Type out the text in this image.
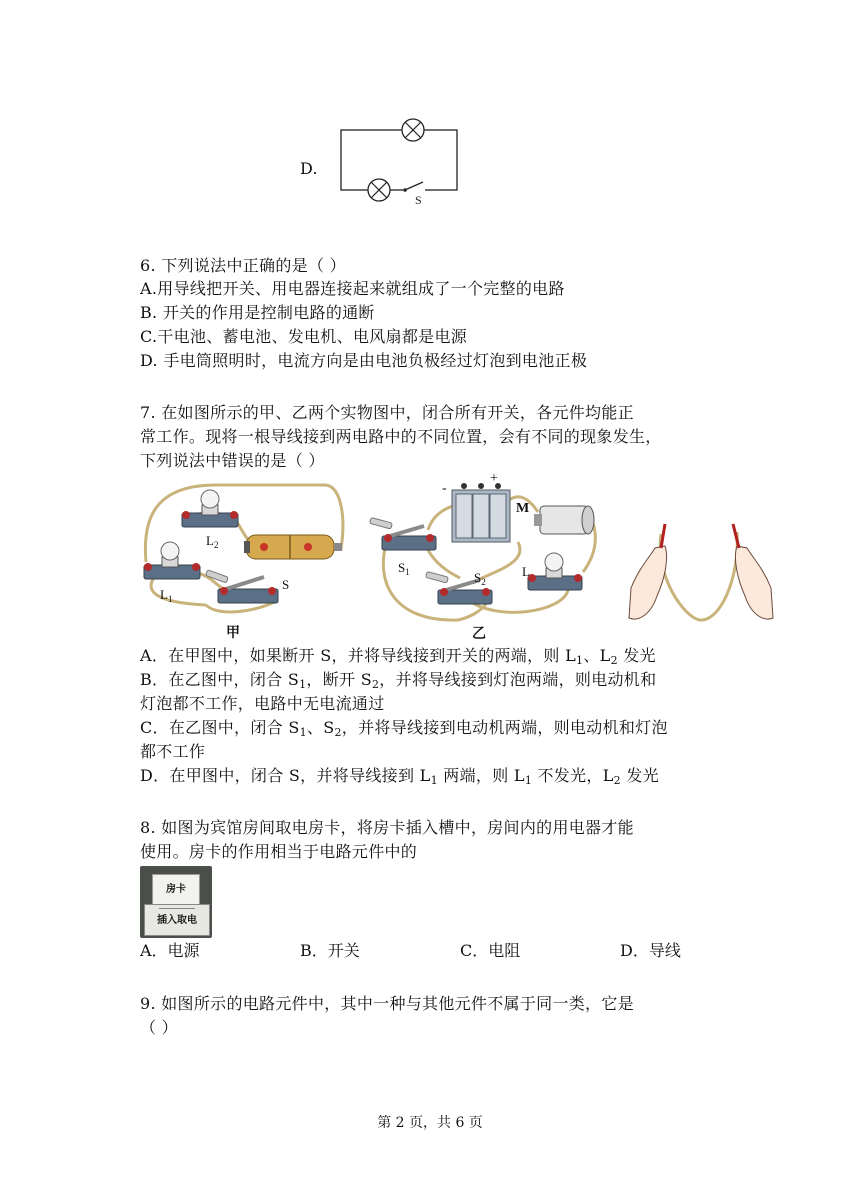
D.
S
6. 下列说法中正确的是（ ）
A.用导线把开关、用电器连接起来就组成了一个完整的电路
B. 开关的作用是控制电路的通断
C.干电池、蓄电池、发电机、电风扇都是电源
D. 手电筒照明时，电流方向是由电池负极经过灯泡到电池正极
7. 在如图所示的甲、乙两个实物图中，闭合所有开关，各元件均能正
常工作。现将一根导线接到两电路中的不同位置，会有不同的现象发生，
下列说法中错误的是（ ）
$L_2$
$L_1$
S
甲
-
+
M
$S_1$	$S_2$
L
乙
A．在甲图中，如果断开 S，并将导线接到开关的两端，则 $L_1$、$L_2$ 发光
B．在乙图中，闭合 $S_1$，断开 $S_2$，并将导线接到灯泡两端，则电动机和
灯泡都不工作，电路中无电流通过
C．在乙图中，闭合 $S_1$、$S_2$，并将导线接到电动机两端，则电动机和灯泡
都不工作
D．在甲图中，闭合 S，并将导线接到 $L_1$ 两端，则 $L_1$ 不发光，$L_2$ 发光
8. 如图为宾馆房间取电房卡，将房卡插入槽中，房间内的用电器才能
使用。房卡的作用相当于电路元件中的
房卡
插入取电
A．电源	B．开关	C．电阻	D．导线
9. 如图所示的电路元件中，其中一种与其他元件不属于同一类，它是
（ ）
第 2 页，共 6 页
